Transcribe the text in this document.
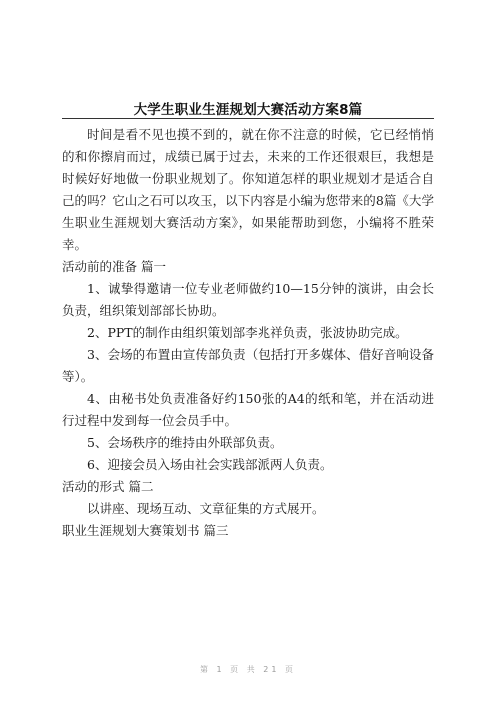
大学生职业生涯规划大赛活动方案8篇

时间是看不见也摸不到的，就在你不注意的时候，它已经悄悄的和你擦肩而过，成绩已属于过去，未来的工作还很艰巨，我想是时候好好地做一份职业规划了。你知道怎样的职业规划才是适合自己的吗？它山之石可以攻玉，以下内容是小编为您带来的8篇《大学生职业生涯规划大赛活动方案》，如果能帮助到您，小编将不胜荣幸。

活动前的准备 篇一

1、诚挚得邀请一位专业老师做约10—15分钟的演讲，由会长负责，组织策划部部长协助。

2、PPT的制作由组织策划部李兆祥负责，张波协助完成。

3、会场的布置由宣传部负责（包括打开多媒体、借好音响设备等）。

4、由秘书处负责准备好约150张的A4的纸和笔，并在活动进行过程中发到每一位会员手中。

5、会场秩序的维持由外联部负责。

6、迎接会员入场由社会实践部派两人负责。

活动的形式 篇二

以讲座、现场互动、文章征集的方式展开。

职业生涯规划大赛策划书 篇三

第 1 页 共 21 页
